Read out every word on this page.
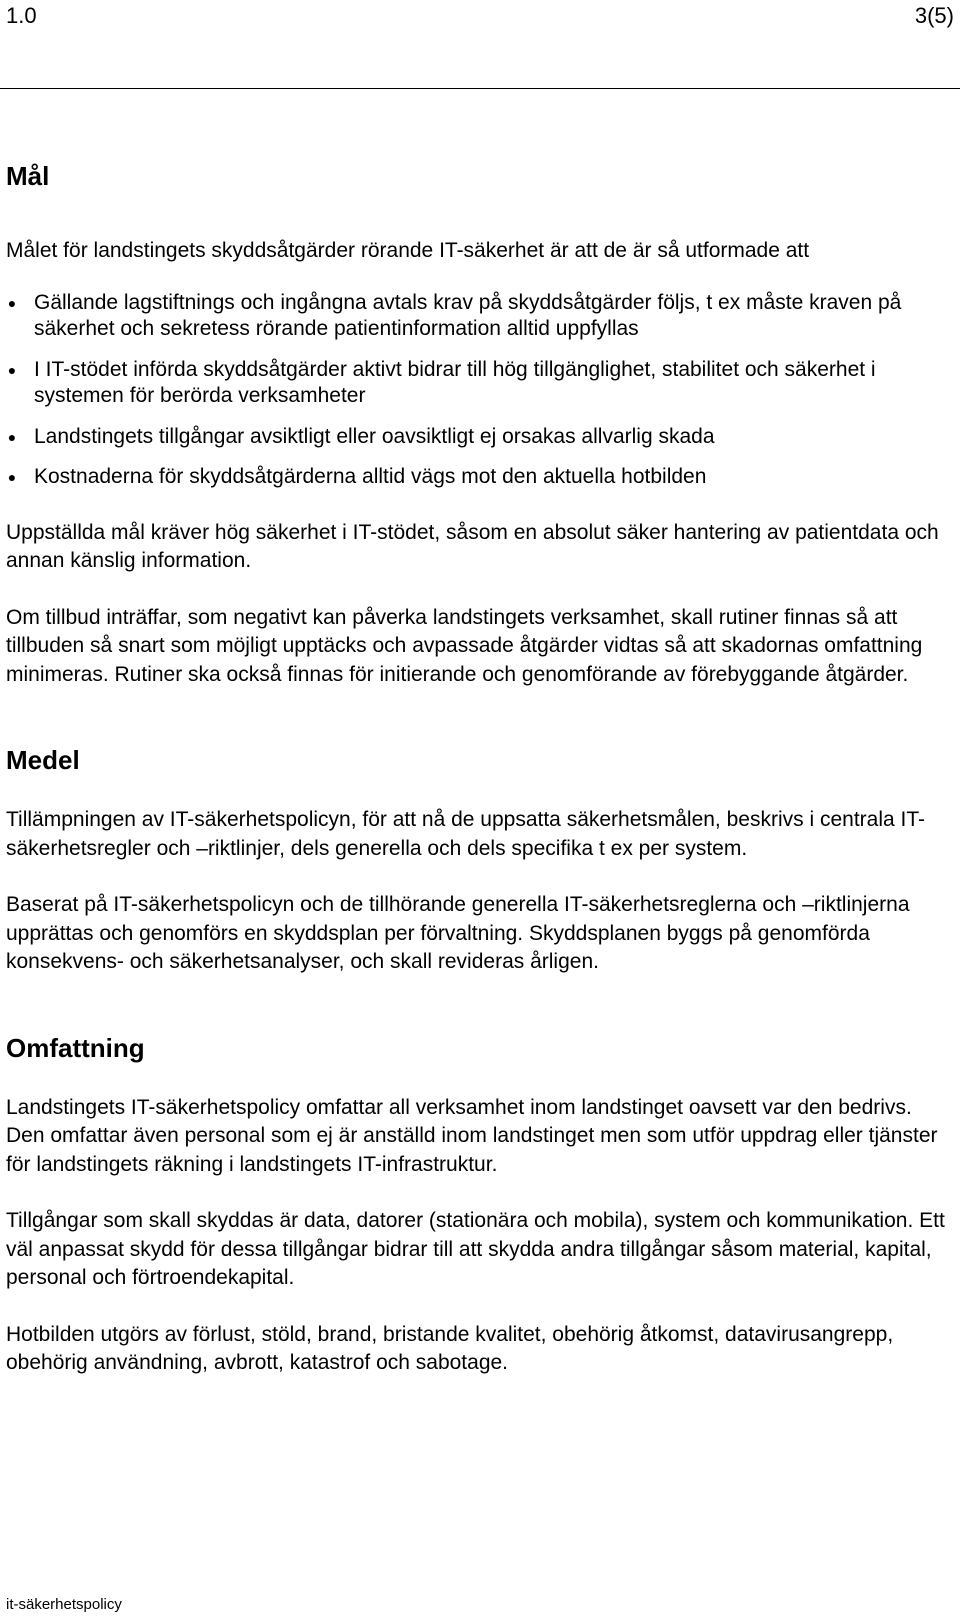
1.0	3(5)
Mål

Målet för landstingets skyddsåtgärder rörande IT-säkerhet är att de är så utformade att

● Gällande lagstiftnings och ingångna avtals krav på skyddsåtgärder följs, t ex måste kraven på säkerhet och sekretess rörande patientinformation alltid uppfyllas
● I IT-stödet införda skyddsåtgärder aktivt bidrar till hög tillgänglighet, stabilitet och säkerhet i systemen för berörda verksamheter
● Landstingets tillgångar avsiktligt eller oavsiktligt ej orsakas allvarlig skada
● Kostnaderna för skyddsåtgärderna alltid vägs mot den aktuella hotbilden

Uppställda mål kräver hög säkerhet i IT-stödet, såsom en absolut säker hantering av patientdata och annan känslig information.

Om tillbud inträffar, som negativt kan påverka landstingets verksamhet, skall rutiner finnas så att tillbuden så snart som möjligt upptäcks och avpassade åtgärder vidtas så att skadornas omfattning minimeras. Rutiner ska också finnas för initierande och genomförande av förebyggande åtgärder.

Medel

Tillämpningen av IT-säkerhetspolicyn, för att nå de uppsatta säkerhetsmålen, beskrivs i centrala IT-säkerhetsregler och –riktlinjer, dels generella och dels specifika t ex per system.

Baserat på IT-säkerhetspolicyn och de tillhörande generella IT-säkerhetsreglerna och –riktlinjerna upprättas och genomförs en skyddsplan per förvaltning. Skyddsplanen byggs på genomförda konsekvens- och säkerhetsanalyser, och skall revideras årligen.

Omfattning

Landstingets IT-säkerhetspolicy omfattar all verksamhet inom landstinget oavsett var den bedrivs. Den omfattar även personal som ej är anställd inom landstinget men som utför uppdrag eller tjänster för landstingets räkning i landstingets IT-infrastruktur.

Tillgångar som skall skyddas är data, datorer (stationära och mobila), system och kommunikation. Ett väl anpassat skydd för dessa tillgångar bidrar till att skydda andra tillgångar såsom material, kapital, personal och förtroendekapital.

Hotbilden utgörs av förlust, stöld, brand, bristande kvalitet, obehörig åtkomst, datavirusangrepp, obehörig användning, avbrott, katastrof och sabotage.

it-säkerhetspolicy
